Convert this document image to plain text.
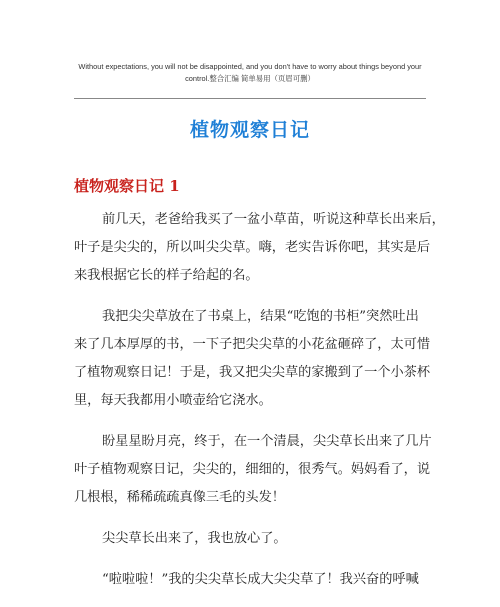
Without expectations, you will not be disappointed, and you don't have to worry about things beyond your
control.整合汇编 简单易用（页眉可删）
植物观察日记
植物观察日记 1
前几天，老爸给我买了一盆小草苗，听说这种草长出来后，
叶子是尖尖的，所以叫尖尖草。嗨，老实告诉你吧，其实是后
来我根据它长的样子给起的名。
我把尖尖草放在了书桌上，结果“吃饱的书柜”突然吐出
来了几本厚厚的书，一下子把尖尖草的小花盆砸碎了，太可惜
了植物观察日记！于是，我又把尖尖草的家搬到了一个小茶杯
里，每天我都用小喷壶给它浇水。
盼星星盼月亮，终于，在一个清晨，尖尖草长出来了几片
叶子植物观察日记，尖尖的，细细的，很秀气。妈妈看了，说
几根根，稀稀疏疏真像三毛的头发！
尖尖草长出来了，我也放心了。
“啦啦啦！”我的尖尖草长成大尖尖草了！我兴奋的呼喊
